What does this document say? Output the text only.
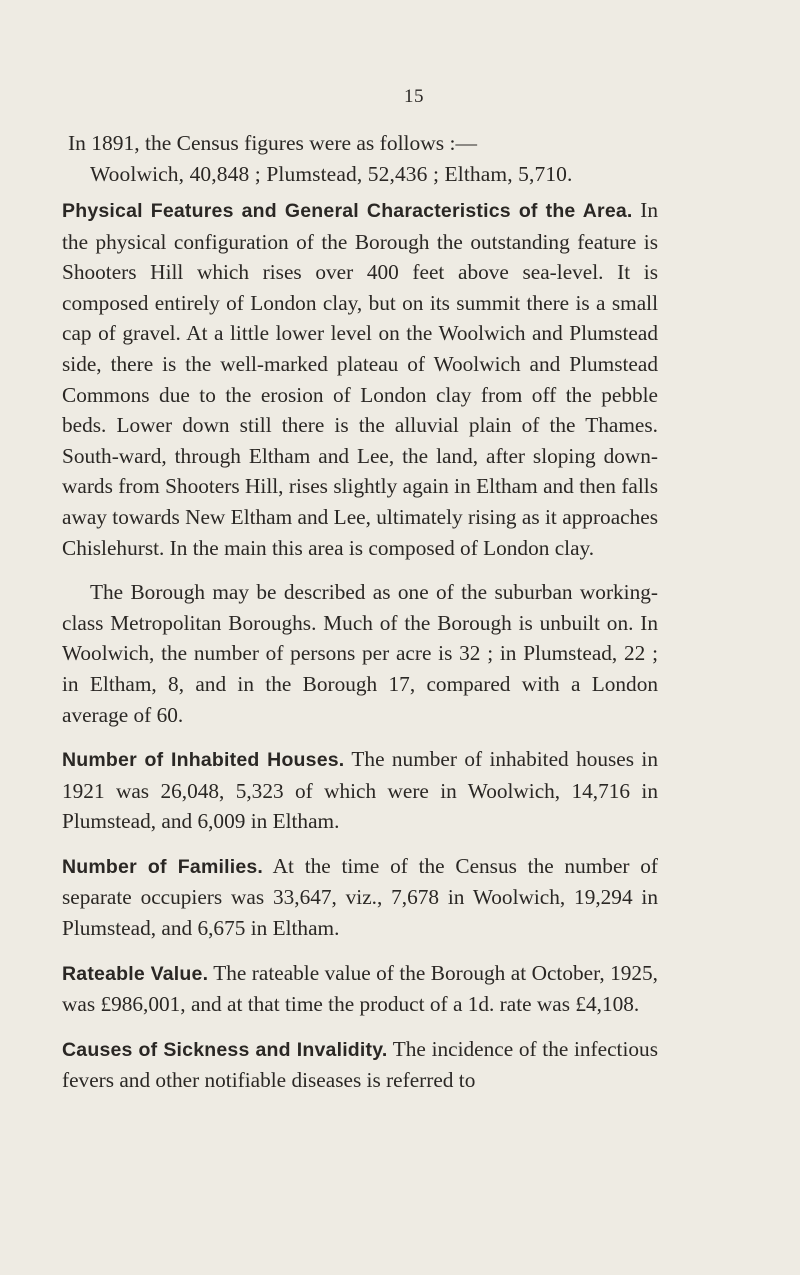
15

In 1891, the Census figures were as follows :—

Woolwich, 40,848 ; Plumstead, 52,436 ; Eltham, 5,710.

Physical Features and General Characteristics of the Area. In the physical configuration of the Borough the outstanding feature is Shooters Hill which rises over 400 feet above sea-level. It is composed entirely of London clay, but on its summit there is a small cap of gravel. At a little lower level on the Woolwich and Plumstead side, there is the well-marked plateau of Woolwich and Plumstead Commons due to the erosion of London clay from off the pebble beds. Lower down still there is the alluvial plain of the Thames. South-ward, through Eltham and Lee, the land, after sloping down-wards from Shooters Hill, rises slightly again in Eltham and then falls away towards New Eltham and Lee, ultimately rising as it approaches Chislehurst. In the main this area is composed of London clay.

The Borough may be described as one of the suburban working-class Metropolitan Boroughs. Much of the Borough is unbuilt on. In Woolwich, the number of persons per acre is 32 ; in Plumstead, 22 ; in Eltham, 8, and in the Borough 17, compared with a London average of 60.

Number of Inhabited Houses. The number of inhabited houses in 1921 was 26,048, 5,323 of which were in Woolwich, 14,716 in Plumstead, and 6,009 in Eltham.

Number of Families. At the time of the Census the number of separate occupiers was 33,647, viz., 7,678 in Woolwich, 19,294 in Plumstead, and 6,675 in Eltham.

Rateable Value. The rateable value of the Borough at October, 1925, was £986,001, and at that time the product of a 1d. rate was £4,108.

Causes of Sickness and Invalidity. The incidence of the infectious fevers and other notifiable diseases is referred to
